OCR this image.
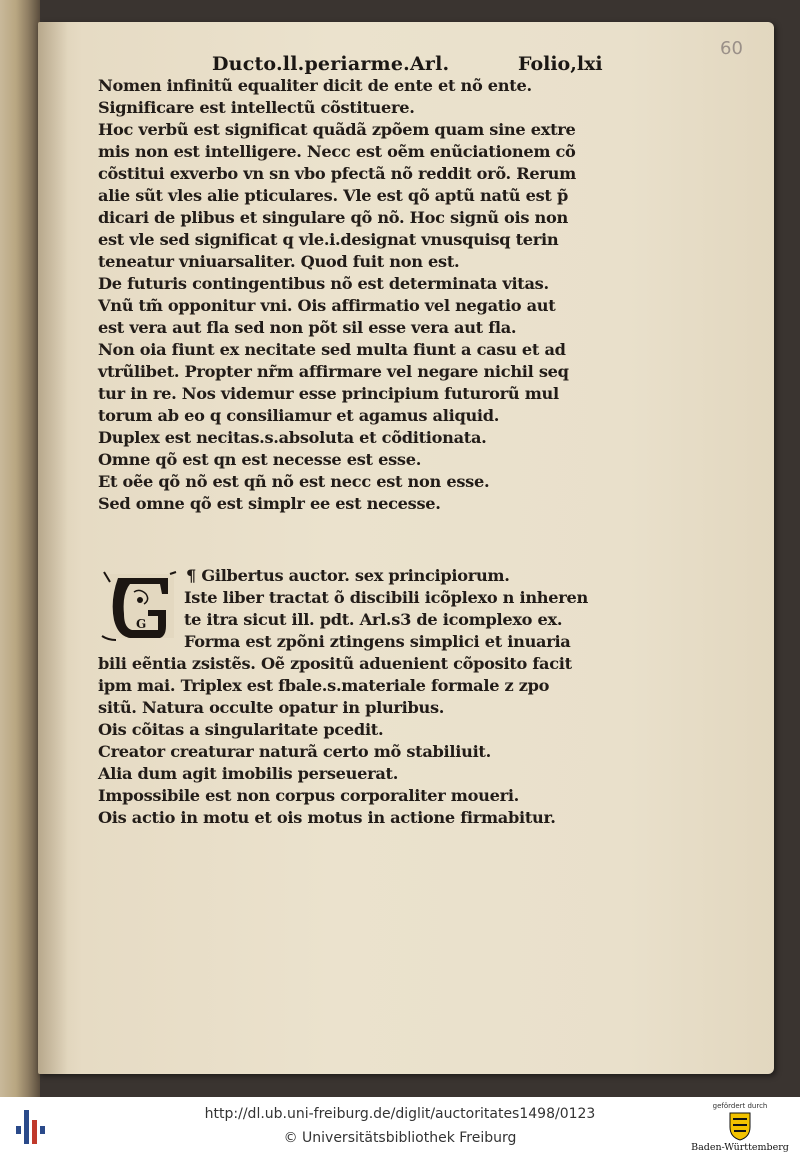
60
Ducto.ll.periarme.Arl.	Folio,lxi
Nomen infinitũ equaliter dicit de ente et nõ ente.
Significare est intellectũ cõstituere.
Hoc verbũ est significat quãdã zpõem quam sine extre
mis non est intelligere. Necc est oẽm enũciationem cõ
cõstitui exverbo vn sn vbo pfectã nõ reddit orõ. Rerum
alie sũt vles alie pticulares. Vle est qõ aptũ natũ est p̃
dicari de plibus et singulare qõ nõ. Hoc signũ ois non
est vle sed significat q vle.i.designat vnusquisq terin
teneatur vniuarsaliter. Quod fuit non est.
De futuris contingentibus nõ est determinata vitas.
Vnũ tm̃ opponitur vni. Ois affirmatio vel negatio aut
est vera aut fla sed non põt sil esse vera aut fla.
Non oia fiunt ex necitate sed multa fiunt a casu et ad
vtrũlibet. Propter nr̃m affirmare vel negare nichil seq
tur in re. Nos videmur esse principium futurorũ mul
torum ab eo q consiliamur et agamus aliquid.
Duplex est necitas.s.absoluta et cõditionata.
Omne qõ est qn est necesse est esse.
Et oẽe qõ nõ est qñ nõ est necc est non esse.
Sed omne qõ est simplr ee est necesse.
G
¶ Gilbertus auctor. sex principiorum.
Iste liber tractat õ discibili icõplexo n inheren
te itra sicut ill. pdt. Arl.s3 de icomplexo ex.
Forma est zpõni ztingens simplici et inuaria
bili eẽntia zsistẽs. Oẽ zpositũ aduenient cõposito facit
ipm mai. Triplex est fbale.s.materiale formale z zpo
sitũ. Natura occulte opatur in pluribus.
Ois cõitas a singularitate pcedit.
Creator creaturar naturã certo mõ stabiliuit.
Alia dum agit imobilis perseuerat.
Impossibile est non corpus corporaliter moueri.
Ois actio in motu et ois motus in actione firmabitur.
http://dl.ub.uni-freiburg.de/diglit/auctoritates1498/0123
© Universitätsbibliothek Freiburg
gefördert durch
Baden-Württemberg
